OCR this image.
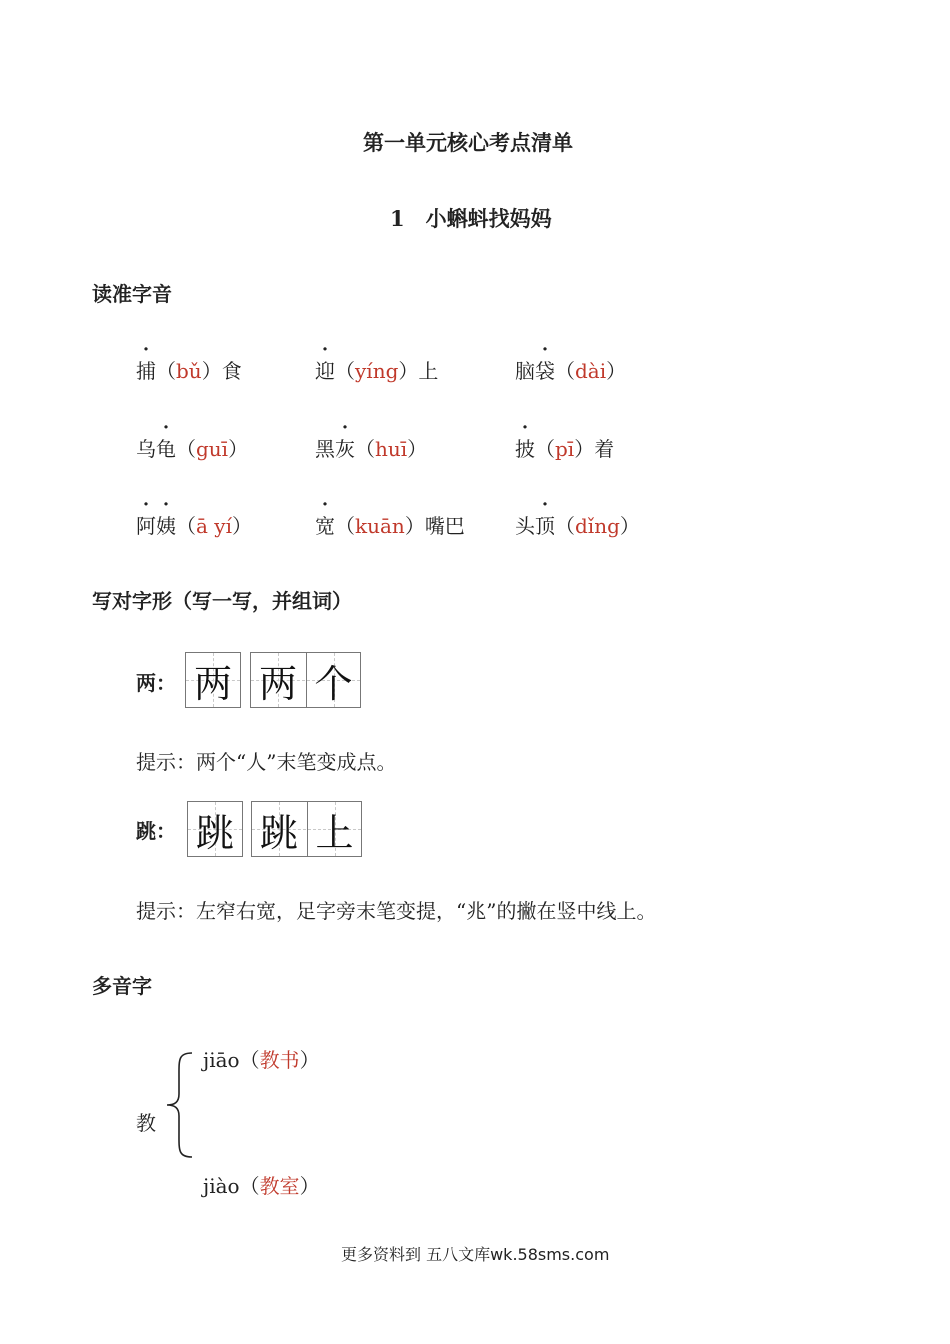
第一单元核心考点清单
1　小蝌蚪找妈妈
读准字音
捕（bǔ）食	迎（yíng）上	脑袋（dài）
乌龟（guī）	黑灰（huī）	披（pī）着
阿姨（ā yí）	宽（kuān）嘴巴	头顶（dǐng）
写对字形（写一写，并组词）
两： 两 两 个
提示：两个“人”末笔变成点。
跳： 跳 跳 上
提示：左窄右宽，足字旁末笔变提，“兆”的撇在竖中线上。
多音字
jiāo（教书）
教
jiào（教室）
更多资料到 五八文库wk.58sms.com
